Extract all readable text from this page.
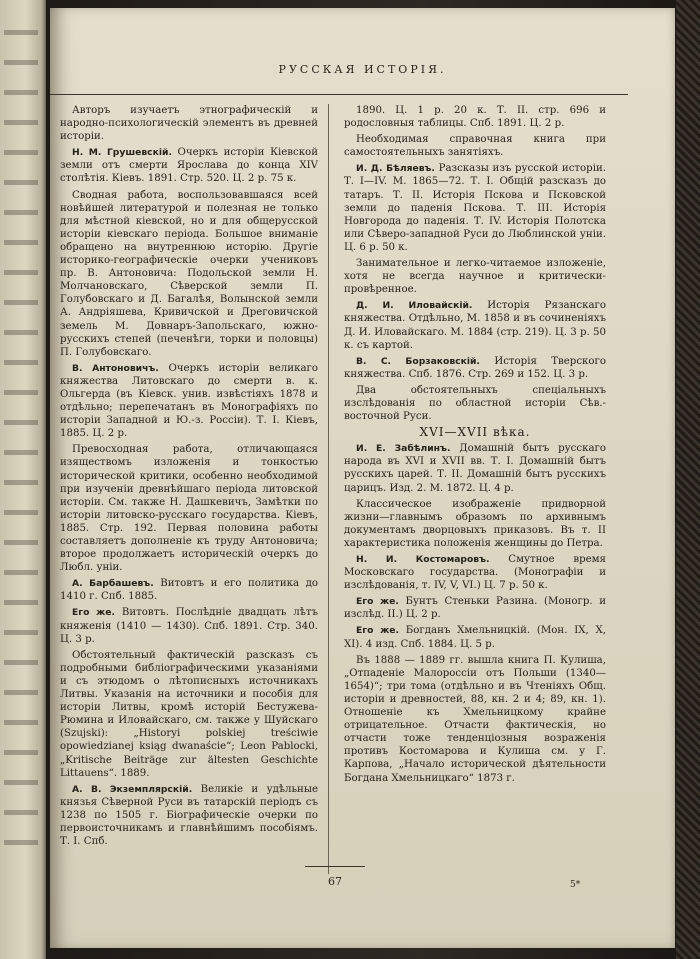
РУССКАЯ ИСТОРІЯ.

Авторъ изучаетъ этнографическій и народно-психологическій элементъ въ древней исторіи.

Н. М. Грушевскій. Очеркъ исторіи Кіевской земли отъ смерти Ярослава до конца XIV столѣтія. Кіевъ. 1891. Стр. 520. Ц. 2 р. 75 к.

Сводная работа, воспользовавшаяся всей новѣйшей литературой и полезная не только для мѣстной кіевской, но и для общерусской исторіи кіевскаго періода. Большое вниманіе обращено на внутреннюю исторію. Другіе историко-географическіе очерки учениковъ пр. В. Антоновича: Подольской земли Н. Молчановскаго, Сѣверской земли П. Голубовскаго и Д. Багалѣя, Волынской земли А. Андріяшева, Кривичской и Дреговичской земель М. Довнаръ-Запольскаго, южно-русскихъ степей (печенѣги, торки и половцы) П. Голубовскаго.

В. Антоновичъ. Очеркъ исторіи великаго княжества Литовскаго до смерти в. к. Ольгерда (въ Кіевск. унив. извѣстіяхъ 1878 и отдѣльно; перепечатанъ въ Монографіяхъ по исторіи Западной и Ю.-з. Россіи). Т. I. Кіевъ, 1885. Ц. 2 р.

Превосходная работа, отличающаяся изяществомъ изложенія и тонкостью исторической критики, особенно необходимой при изученіи древнѣйшаго періода литовской исторіи. См. также Н. Дашкевичъ, Замѣтки по исторіи литовско-русскаго государства. Кіевъ, 1885. Стр. 192. Первая половина работы составляетъ дополненіе къ труду Антоновича; второе продолжаетъ историческій очеркъ до Любл. уніи.

А. Барбашевъ. Витовтъ и его политика до 1410 г. Спб. 1885.

Его же. Витовтъ. Послѣдніе двадцать лѣтъ княженія (1410 — 1430). Спб. 1891. Стр. 340. Ц. 3 р.

Обстоятельный фактическій разсказъ съ подробными библіографическими указаніями и съ этюдомъ о лѣтописныхъ источникахъ Литвы. Указанія на источники и пособія для исторіи Литвы, кромѣ исторій Бестужева-Рюмина и Иловайскаго, см. также у Шуйскаго (Szujski): „Historyi polskiej treściwie opowiedzianej ksiąg dwanaście“; Leon Pablocki, „Kritische Beiträge zur ältesten Geschichte Littauens“. 1889.

А. В. Экземплярскій. Великіе и удѣльные князья Сѣверной Руси въ татарскій періодъ съ 1238 по 1505 г. Біографическіе очерки по первоисточникамъ и главнѣйшимъ пособіямъ. Т. I. Спб.

1890. Ц. 1 р. 20 к. Т. II. стр. 696 и родословныя таблицы. Спб. 1891. Ц. 2 р.

Необходимая справочная книга при самостоятельныхъ занятіяхъ.

И. Д. Бѣляевъ. Разсказы изъ русской исторіи. Т. I—IV. М. 1865—72. Т. I. Общій разсказъ до татаръ. Т. II. Исторія Пскова и Псковской земли до паденія Пскова. Т. III. Исторія Новгорода до паденія. Т. IV. Исторія Полотска или Сѣверо-западной Руси до Люблинской уніи. Ц. 6 р. 50 к.

Занимательное и легко-читаемое изложеніе, хотя не всегда научное и критически-провѣренное.

Д. И. Иловайскій. Исторія Рязанскаго княжества. Отдѣльно, М. 1858 и въ сочиненіяхъ Д. И. Иловайскаго. М. 1884 (стр. 219). Ц. 3 р. 50 к. съ картой.

В. С. Борзаковскій. Исторія Тверского княжества. Спб. 1876. Стр. 269 и 152. Ц. 3 р.

Два обстоятельныхъ спеціальныхъ изслѣдованія по областной исторіи Сѣв.-восточной Руси.

XVI—XVII вѣка.

И. Е. Забѣлинъ. Домашній бытъ русскаго народа въ XVI и XVII вв. Т. I. Домашній бытъ русскихъ царей. Т. II. Домашній бытъ русскихъ царицъ. Изд. 2. М. 1872. Ц. 4 р.

Классическое изображеніе придворной жизни—главнымъ образомъ по архивнымъ документамъ дворцовыхъ приказовъ. Въ т. II характеристика положенія женщины до Петра.

Н. И. Костомаровъ. Смутное время Московскаго государства. (Монографіи и изслѣдованія, т. IV, V, VI.) Ц. 7 р. 50 к.

Его же. Бунтъ Стеньки Разина. (Моногр. и изслѣд. II.) Ц. 2 р.

Его же. Богданъ Хмельницкій. (Мон. IX, X, XI). 4 изд. Спб. 1884. Ц. 5 р.

Въ 1888 — 1889 гг. вышла книга П. Кулиша, „Отпаденіе Малороссіи отъ Польши (1340—1654)“; три тома (отдѣльно и въ Чтеніяхъ Общ. исторіи и древностей, 88, кн. 2 и 4; 89, кн. 1). Отношеніе къ Хмельницкому крайне отрицательное. Отчасти фактическія, но отчасти тоже тенденціозныя возраженія противъ Костомарова и Кулиша см. у Г. Карпова, „Начало исторической дѣятельности Богдана Хмельницкаго“ 1873 г.

67	5*
